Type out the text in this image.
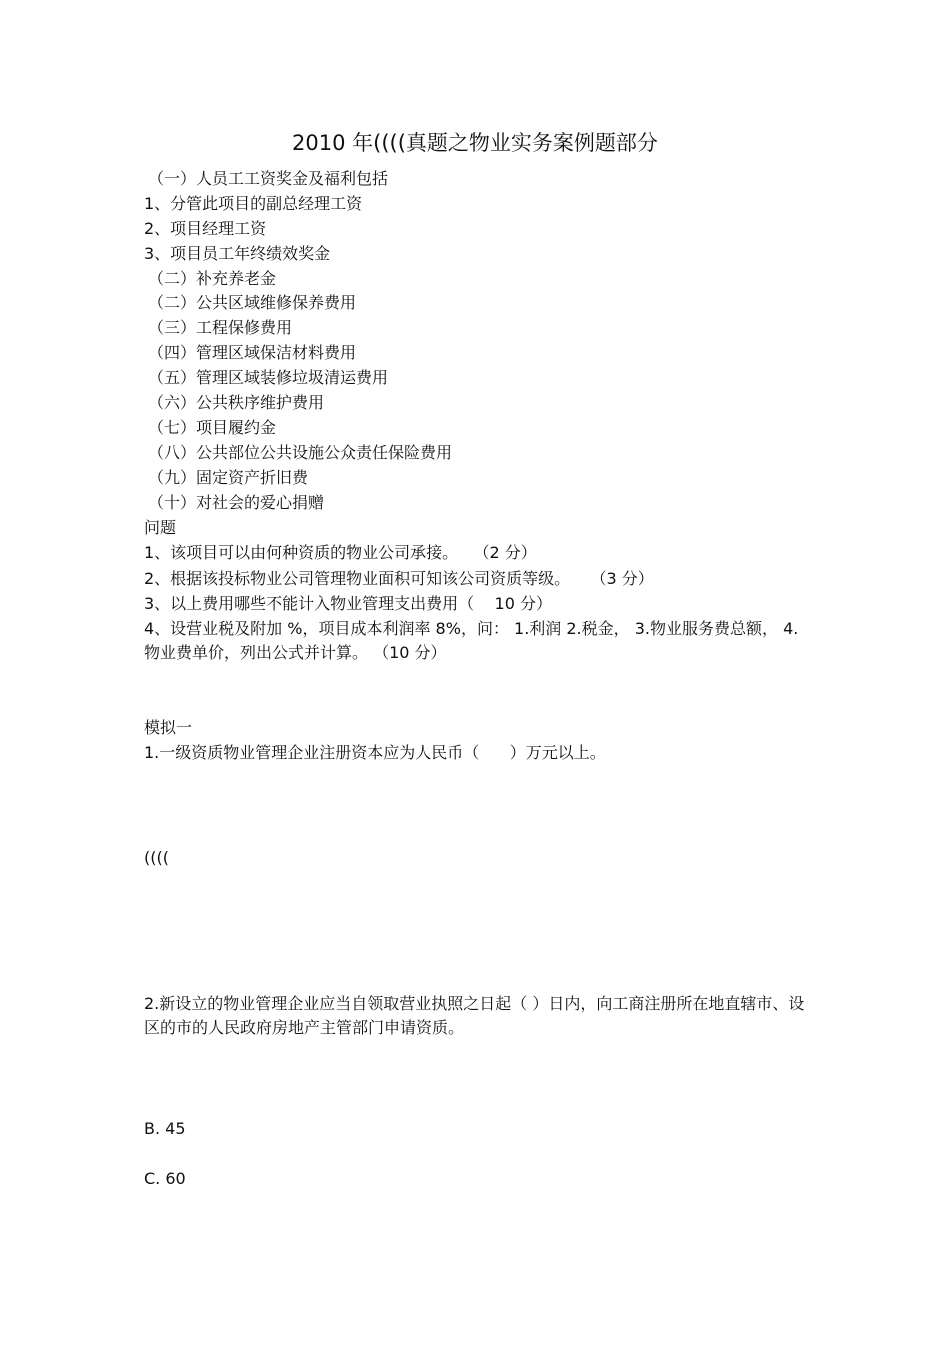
2010 年((((真题之物业实务案例题部分
（一）人员工工资奖金及福利包括
1、分管此项目的副总经理工资
2、项目经理工资
3、项目员工年终绩效奖金
（二）补充养老金
（二）公共区域维修保养费用
（三）工程保修费用
（四）管理区域保洁材料费用
（五）管理区域装修垃圾清运费用
（六）公共秩序维护费用
（七）项目履约金
（八）公共部位公共设施公众责任保险费用
（九）固定资产折旧费
（十）对社会的爱心捐赠
问题
1、该项目可以由何种资质的物业公司承接。   （2 分）
2、根据该投标物业公司管理物业面积可知该公司资质等级。    （3 分）
3、以上费用哪些不能计入物业管理支出费用（    10 分）
4、设营业税及附加 %，项目成本利润率 8%，问： 1.利润 2.税金， 3.物业服务费总额， 4.物业费单价，列出公式并计算。 （10 分）
模拟一
1.一级资质物业管理企业注册资本应为人民币（      ）万元以上。
((((
2.新设立的物业管理企业应当自领取营业执照之日起（ ）日内，向工商注册所在地直辖市、设区的市的人民政府房地产主管部门申请资质。
B. 45
C. 60
